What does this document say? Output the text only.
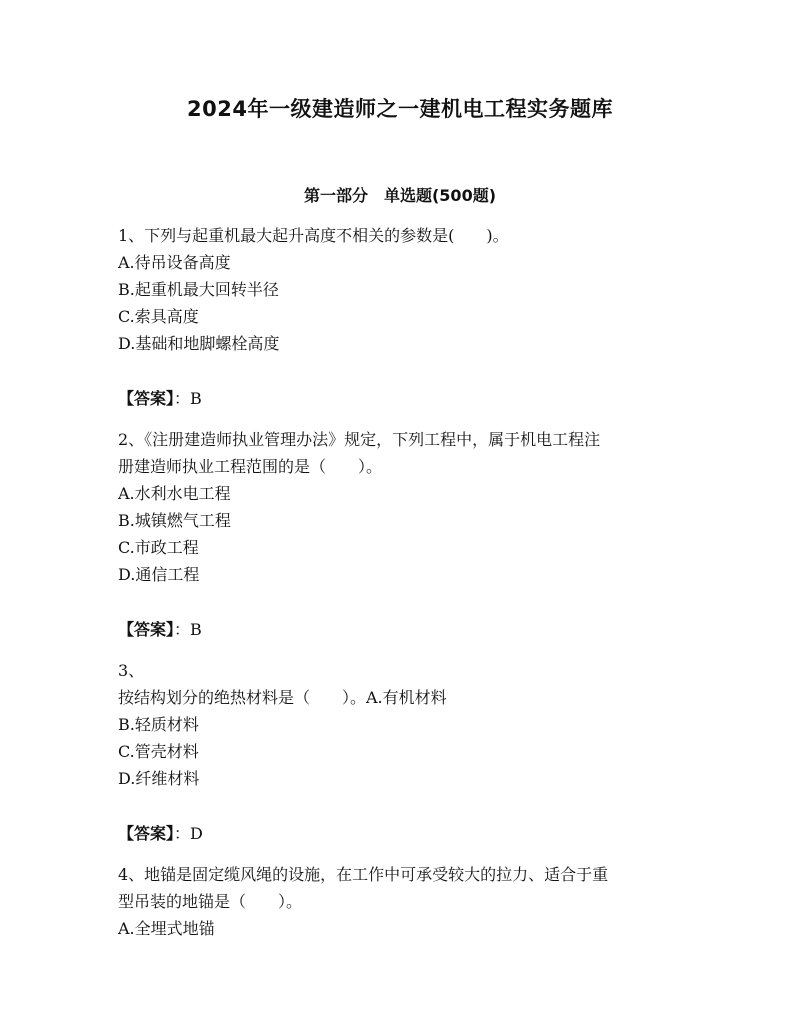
2024年一级建造师之一建机电工程实务题库
第一部分　单选题(500题)
1、下列与起重机最大起升高度不相关的参数是(　　)。
A.待吊设备高度
B.起重机最大回转半径
C.索具高度
D.基础和地脚螺栓高度
【答案】：B
2、《注册建造师执业管理办法》规定，下列工程中，属于机电工程注
册建造师执业工程范围的是（　　）。
A.水利水电工程
B.城镇燃气工程
C.市政工程
D.通信工程
【答案】：B
3、
按结构划分的绝热材料是（　　）。A.有机材料
B.轻质材料
C.管壳材料
D.纤维材料
【答案】：D
4、地锚是固定缆风绳的设施，在工作中可承受较大的拉力、适合于重
型吊装的地锚是（　　）。
A.全埋式地锚
